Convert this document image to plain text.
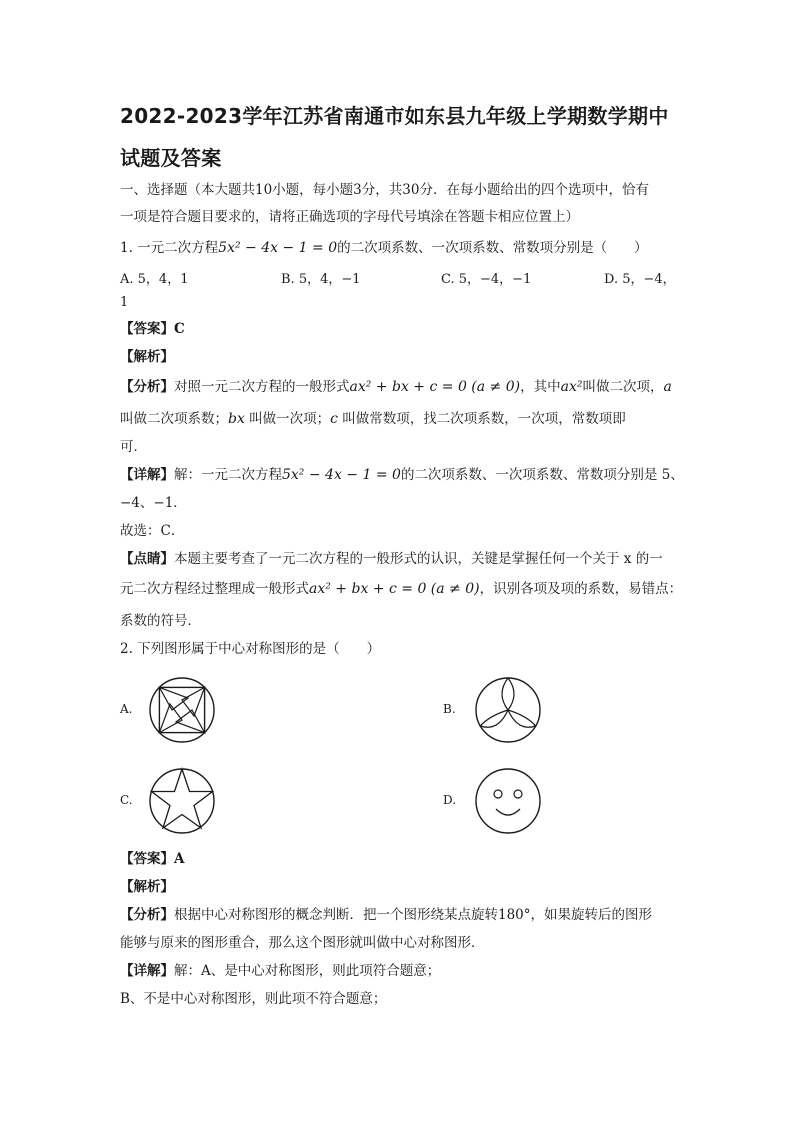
2022-2023学年江苏省南通市如东县九年级上学期数学期中
试题及答案
一、选择题（本大题共10小题，每小题3分，共30分．在每小题给出的四个选项中，恰有
一项是符合题目要求的，请将正确选项的字母代号填涂在答题卡相应位置上）
1. 一元二次方程5x² − 4x − 1 = 0的二次项系数、一次项系数、常数项分别是（　　）
A. 5，4，1	B. 5，4，−1	C. 5，−4，−1	D. 5，−4，
1
【答案】C
【解析】
【分析】对照一元二次方程的一般形式ax² + bx + c = 0 (a ≠ 0)，其中ax²叫做二次项，a
叫做二次项系数；bx 叫做一次项；c 叫做常数项，找二次项系数，一次项，常数项即
可．
【详解】解：一元二次方程5x² − 4x − 1 = 0的二次项系数、一次项系数、常数项分别是 5、
−4、−1．
故选：C．
【点睛】本题主要考查了一元二次方程的一般形式的认识，关键是掌握任何一个关于 x 的一
元二次方程经过整理成一般形式ax² + bx + c = 0 (a ≠ 0)，识别各项及项的系数，易错点：
系数的符号．
2. 下列图形属于中心对称图形的是（　　）
A.	B.
C.	D.
【答案】A
【解析】
【分析】根据中心对称图形的概念判断．把一个图形绕某点旋转180°，如果旋转后的图形
能够与原来的图形重合，那么这个图形就叫做中心对称图形．
【详解】解：A、是中心对称图形，则此项符合题意；
B、不是中心对称图形，则此项不符合题意；
